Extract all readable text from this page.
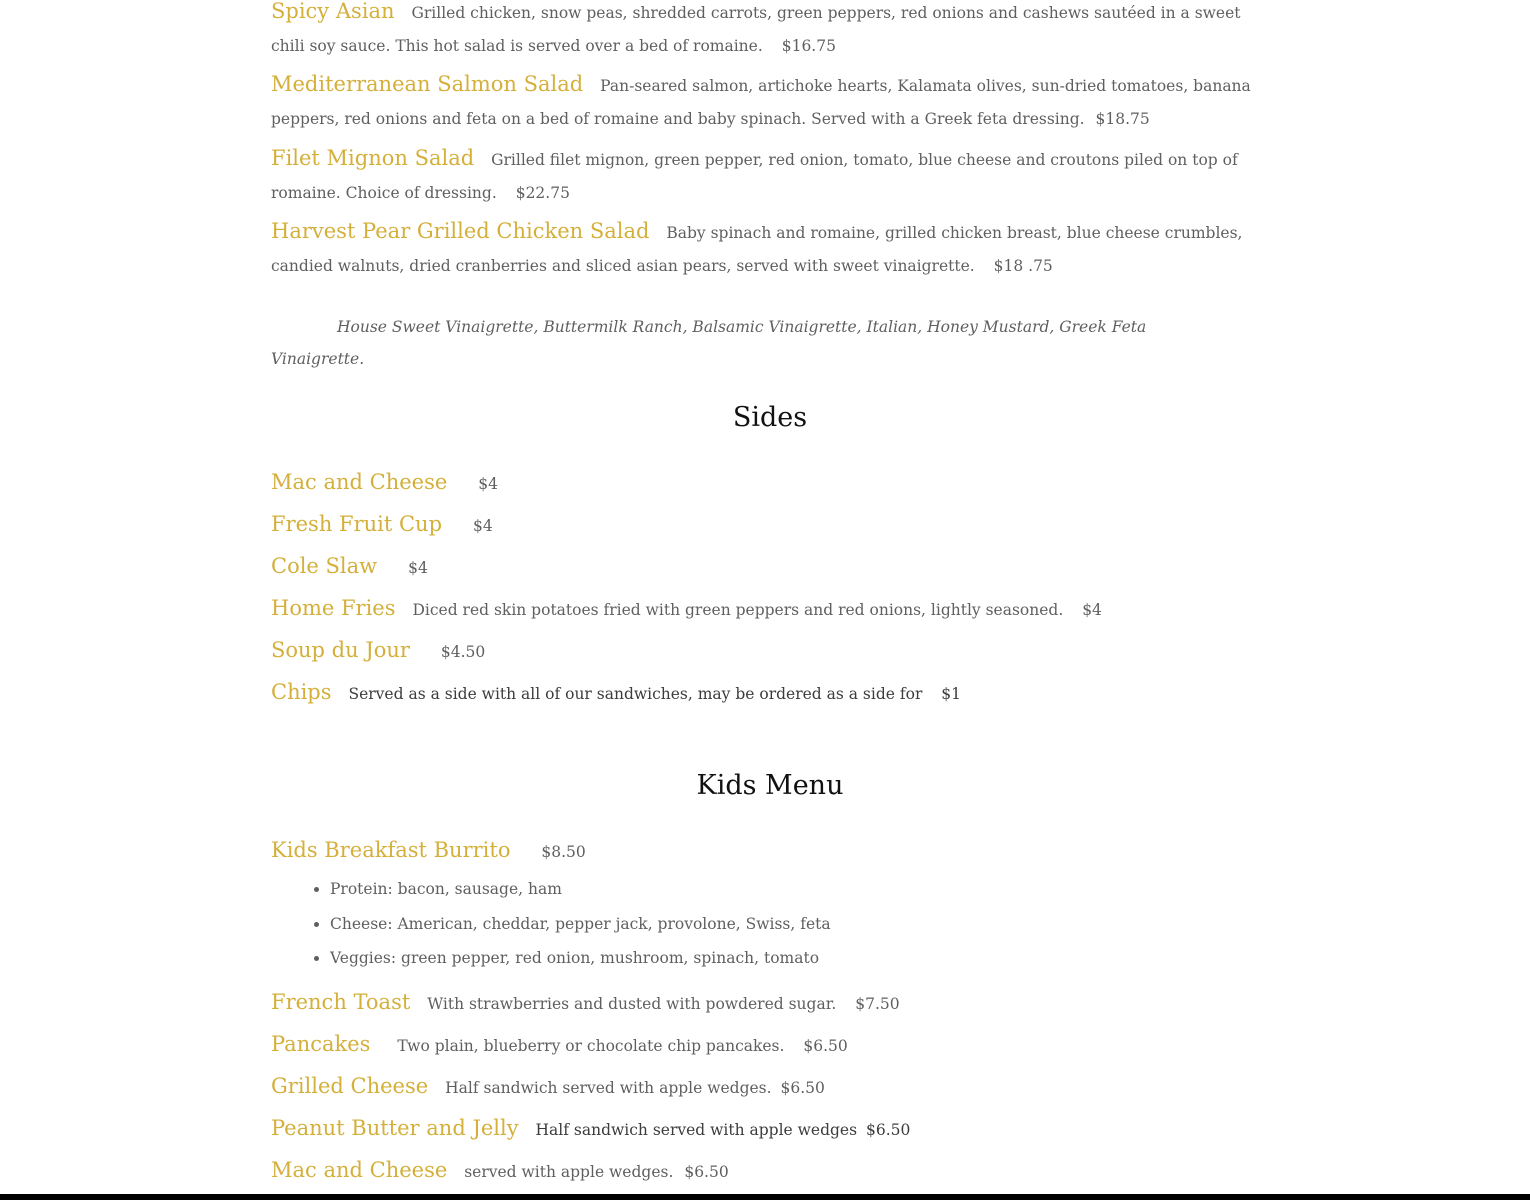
Spicy Asian Grilled chicken, snow peas, shredded carrots, green peppers, red onions and cashews sautéed in a sweet chili soy sauce. This hot salad is served over a bed of romaine. $16.75
Mediterranean Salmon Salad Pan-seared salmon, artichoke hearts, Kalamata olives, sun-dried tomatoes, banana peppers, red onions and feta on a bed of romaine and baby spinach. Served with a Greek feta dressing. $18.75
Filet Mignon Salad Grilled filet mignon, green pepper, red onion, tomato, blue cheese and croutons piled on top of romaine. Choice of dressing. $22.75
Harvest Pear Grilled Chicken Salad Baby spinach and romaine, grilled chicken breast, blue cheese crumbles, candied walnuts, dried cranberries and sliced asian pears, served with sweet vinaigrette. $18 .75
House Sweet Vinaigrette, Buttermilk Ranch, Balsamic Vinaigrette, Italian, Honey Mustard, Greek Feta Vinaigrette.
Sides
Mac and Cheese $4
Fresh Fruit Cup $4
Cole Slaw $4
Home Fries Diced red skin potatoes fried with green peppers and red onions, lightly seasoned. $4
Soup du Jour $4.50
Chips Served as a side with all of our sandwiches, may be ordered as a side for $1
Kids Menu
Kids Breakfast Burrito $8.50
• Protein: bacon, sausage, ham
• Cheese: American, cheddar, pepper jack, provolone, Swiss, feta
• Veggies: green pepper, red onion, mushroom, spinach, tomato
French Toast With strawberries and dusted with powdered sugar. $7.50
Pancakes Two plain, blueberry or chocolate chip pancakes. $6.50
Grilled Cheese Half sandwich served with apple wedges. $6.50
Peanut Butter and Jelly Half sandwich served with apple wedges $6.50
Mac and Cheese served with apple wedges. $6.50
